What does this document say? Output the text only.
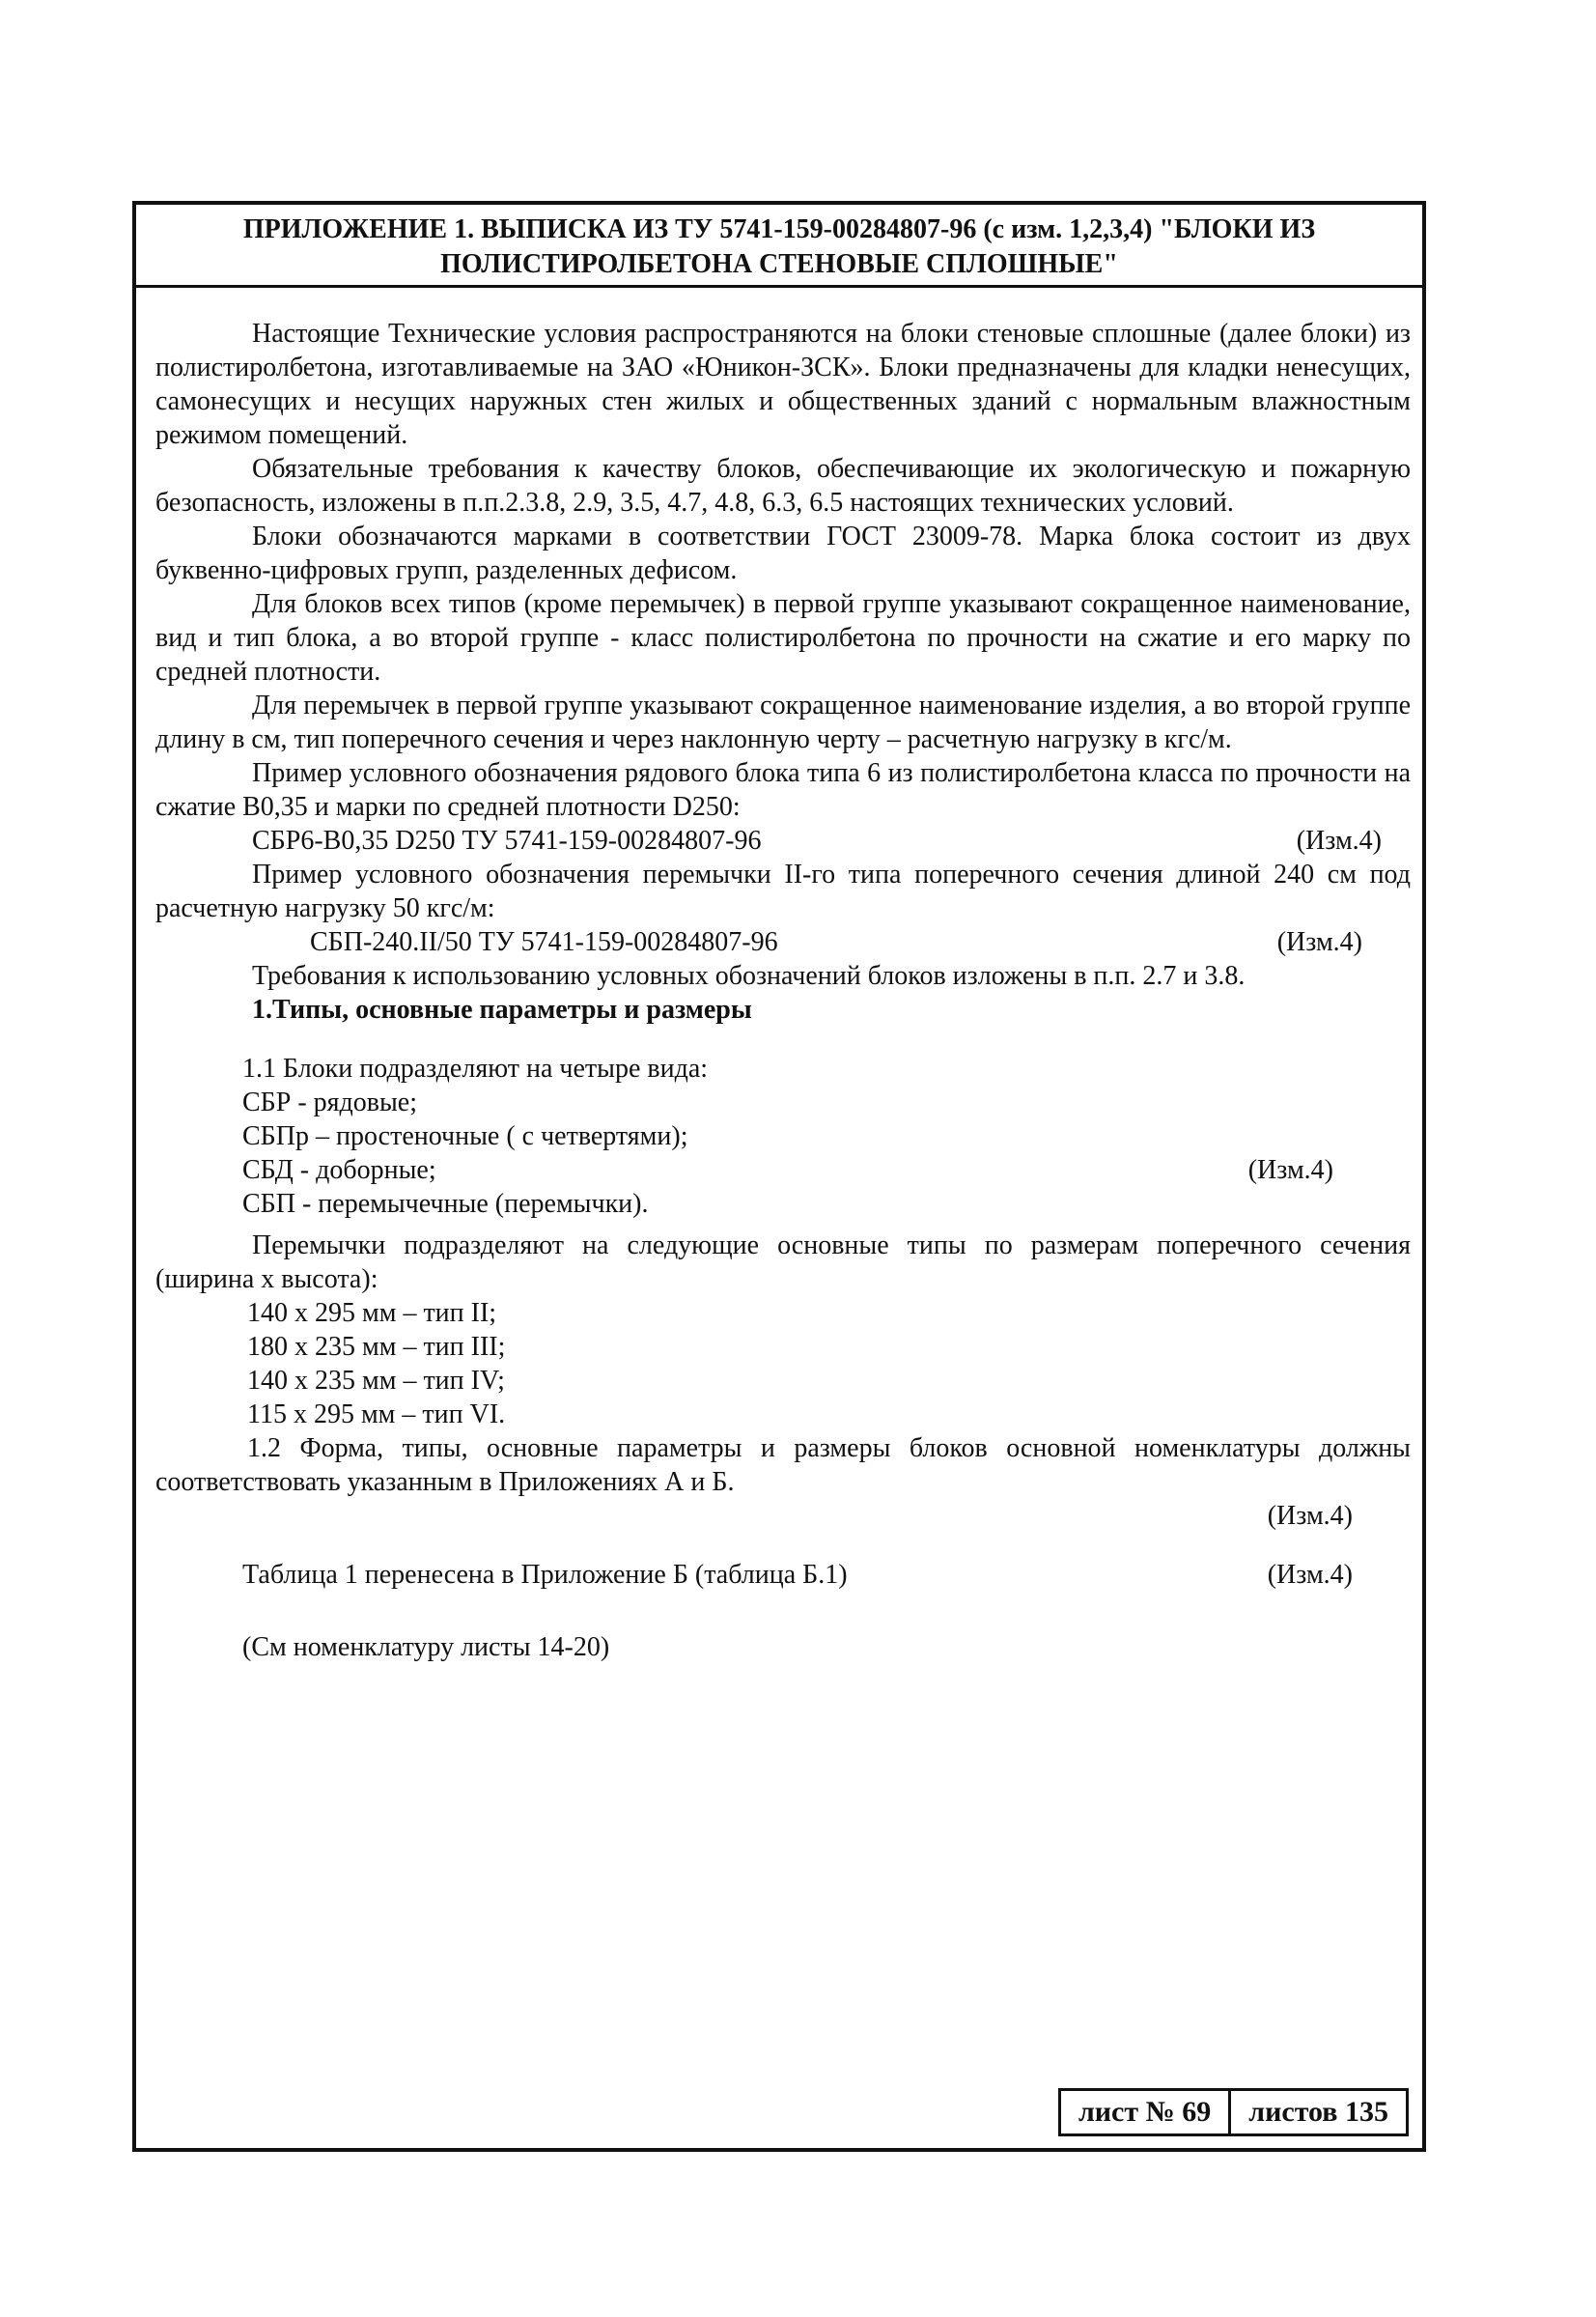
ПРИЛОЖЕНИЕ 1. ВЫПИСКА ИЗ ТУ 5741-159-00284807-96 (с изм. 1,2,3,4) "БЛОКИ ИЗ
ПОЛИСТИРОЛБЕТОНА СТЕНОВЫЕ СПЛОШНЫЕ"

Настоящие Технические условия распространяются на блоки стеновые сплошные (далее блоки) из полистиролбетона, изготавливаемые на ЗАО «Юникон-ЗСК». Блоки предназначены для кладки ненесущих, самонесущих и несущих наружных стен жилых и общественных зданий с нормальным влажностным режимом помещений.

Обязательные требования к качеству блоков, обеспечивающие их экологическую и пожарную безопасность, изложены в п.п.2.3.8, 2.9, 3.5, 4.7, 4.8, 6.3, 6.5 настоящих технических условий.

Блоки обозначаются марками в соответствии ГОСТ 23009-78. Марка блока состоит из двух буквенно-цифровых групп, разделенных дефисом.

Для блоков всех типов (кроме перемычек) в первой группе указывают сокращенное наименование, вид и тип блока, а во второй группе - класс полистиролбетона по прочности на сжатие и его марку по средней плотности.

Для перемычек в первой группе указывают сокращенное наименование изделия, а во второй группе длину в см, тип поперечного сечения и через наклонную черту – расчетную нагрузку в кгс/м.

Пример условного обозначения рядового блока типа 6 из полистиролбетона класса по прочности на сжатие В0,35 и марки по средней плотности D250:

СБР6-В0,35 D250 ТУ 5741-159-00284807-96	(Изм.4)

Пример условного обозначения перемычки II-го типа поперечного сечения длиной 240 см под расчетную нагрузку 50 кгс/м:

СБП-240.II/50 ТУ 5741-159-00284807-96	(Изм.4)

Требования к использованию условных обозначений блоков изложены в п.п. 2.7 и 3.8.

1.Типы, основные параметры и размеры

1.1 Блоки подразделяют на четыре вида:

СБР - рядовые;

СБПр – простеночные ( с четвертями);

СБД - доборные;	(Изм.4)

СБП - перемычечные (перемычки).

Перемычки подразделяют на следующие основные типы по размерам поперечного сечения (ширина х высота):

140 х 295 мм – тип II;

180 х 235 мм – тип III;

140 х 235 мм – тип IV;

115 х 295 мм – тип VI.

1.2 Форма, типы, основные параметры и размеры блоков основной номенклатуры должны соответствовать указанным в Приложениях А и Б.

(Изм.4)
Таблица 1 перенесена в Приложение Б (таблица Б.1)	(Изм.4)

(См номенклатуру листы 14-20)

лист № 69	листов 135
